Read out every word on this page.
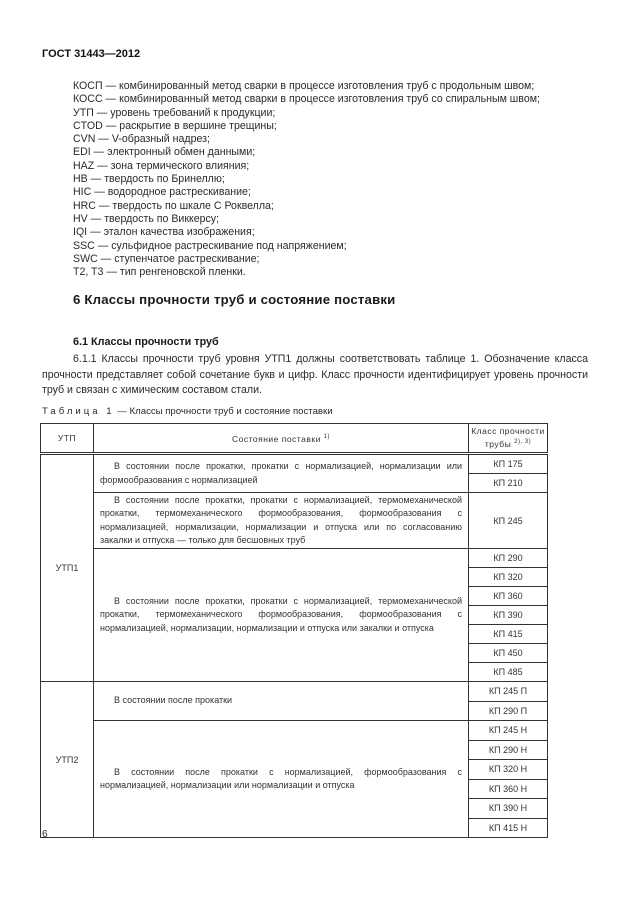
ГОСТ 31443—2012
КОСП — комбинированный метод сварки в процессе изготовления труб с продольным швом;
КОСС — комбинированный метод сварки в процессе изготовления труб со спиральным швом;
УТП — уровень требований к продукции;
CTOD — раскрытие в вершине трещины;
CVN — V-образный надрез;
EDI — электронный обмен данными;
HAZ — зона термического влияния;
HB — твердость по Бринеллю;
HIC — водородное растрескивание;
HRC — твердость по шкале С Роквелла;
HV — твердость по Виккерсу;
IQI — эталон качества изображения;
SSC — сульфидное растрескивание под напряжением;
SWC — ступенчатое растрескивание;
T2, T3 — тип ренгеновской пленки.
6 Классы прочности труб и состояние поставки
6.1 Классы прочности труб
6.1.1 Классы прочности труб уровня УТП1 должны соответствовать таблице 1. Обозначение класса прочности представляет собой сочетание букв и цифр. Класс прочности идентифицирует уровень прочности труб и связан с химическим составом стали.
Таблица 1 — Классы прочности труб и состояние поставки
УТП	Состояние поставки $^{1)}$	Класс прочности трубы $^{2), 3)}$
УТП1	В состоянии после прокатки, прокатки с нормализацией, нормализации или формообразования с нормализацией	КП 175
		КП 210
	В состоянии после прокатки, прокатки с нормализацией, термомеханической прокатки, термомеханического формообразования, формообразования с нормализацией, нормализации, нормализации и отпуска или по согласованию закалки и отпуска — только для бесшовных труб	КП 245
	В состоянии после прокатки, прокатки с нормализацией, термомеханической прокатки, термомеханического формообразования, формообразования с нормализацией, нормализации, нормализации и отпуска или закалки и отпуска	КП 290
		КП 320
		КП 360
		КП 390
		КП 415
		КП 450
		КП 485
УТП2	В состоянии после прокатки	КП 245 П
		КП 290 П
	В состоянии после прокатки с нормализацией, формообразования с нормализацией, нормализации или нормализации и отпуска	КП 245 Н
		КП 290 Н
		КП 320 Н
		КП 360 Н
		КП 390 Н
		КП 415 Н
6
